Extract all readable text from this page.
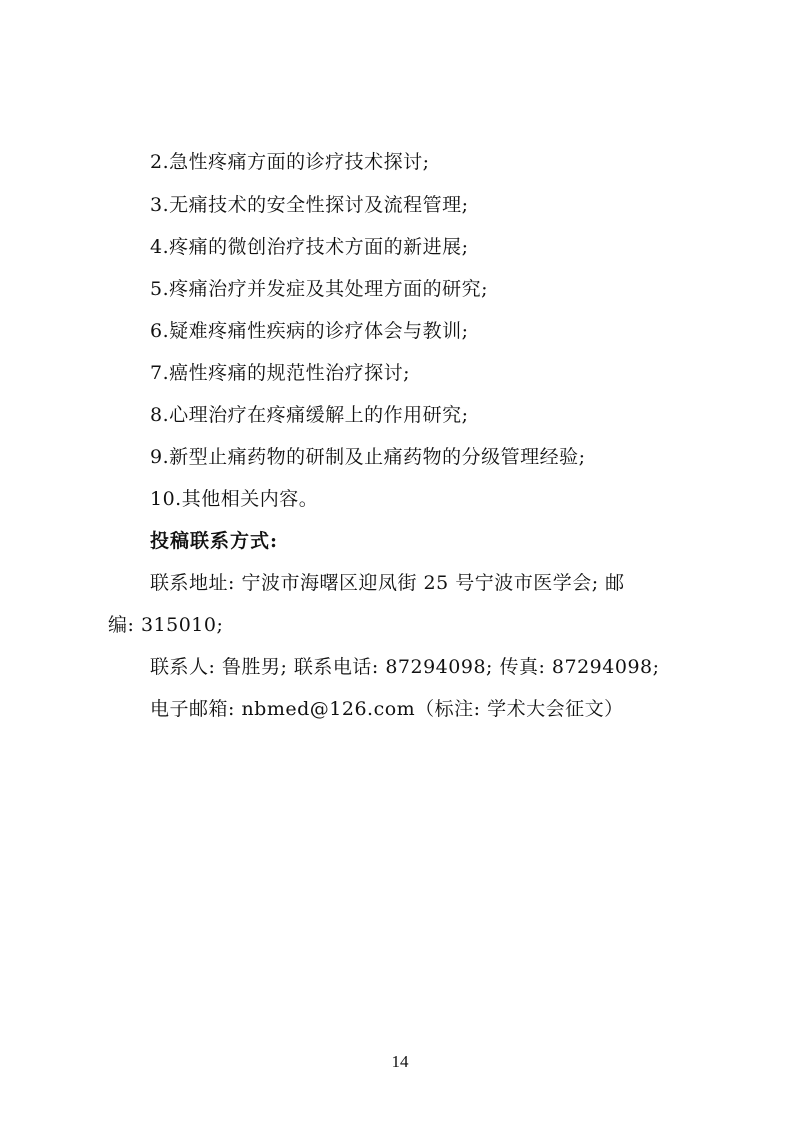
2.急性疼痛方面的诊疗技术探讨;
3.无痛技术的安全性探讨及流程管理;
4.疼痛的微创治疗技术方面的新进展;
5.疼痛治疗并发症及其处理方面的研究;
6.疑难疼痛性疾病的诊疗体会与教训;
7.癌性疼痛的规范性治疗探讨;
8.心理治疗在疼痛缓解上的作用研究;
9.新型止痛药物的研制及止痛药物的分级管理经验;
10.其他相关内容。
投稿联系方式:
联系地址: 宁波市海曙区迎凤街 25 号宁波市医学会; 邮
编: 315010;
联系人: 鲁胜男; 联系电话: 87294098; 传真: 87294098;
电子邮箱: nbmed@126.com（标注: 学术大会征文）
14
